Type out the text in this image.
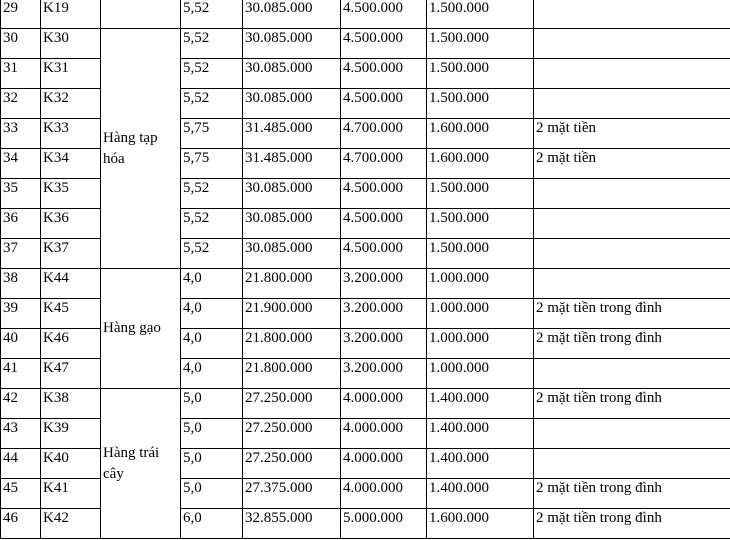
29	K19		5,52	30.085.000	4.500.000	1.500.000	
30	K30	Hàng tạp hóa	5,52	30.085.000	4.500.000	1.500.000	
31	K31		5,52	30.085.000	4.500.000	1.500.000	
32	K32		5,52	30.085.000	4.500.000	1.500.000	
33	K33		5,75	31.485.000	4.700.000	1.600.000	2 mặt tiền
34	K34		5,75	31.485.000	4.700.000	1.600.000	2 mặt tiền
35	K35		5,52	30.085.000	4.500.000	1.500.000	
36	K36		5,52	30.085.000	4.500.000	1.500.000	
37	K37		5,52	30.085.000	4.500.000	1.500.000	
38	K44	Hàng gạo	4,0	21.800.000	3.200.000	1.000.000	
39	K45		4,0	21.900.000	3.200.000	1.000.000	2 mặt tiền trong đình
40	K46		4,0	21.800.000	3.200.000	1.000.000	2 mặt tiền trong đình
41	K47		4,0	21.800.000	3.200.000	1.000.000	
42	K38	Hàng trái cây	5,0	27.250.000	4.000.000	1.400.000	2 mặt tiền trong đình
43	K39		5,0	27.250.000	4.000.000	1.400.000	
44	K40		5,0	27.250.000	4.000.000	1.400.000	
45	K41		5,0	27.375.000	4.000.000	1.400.000	2 mặt tiền trong đình
46	K42		6,0	32.855.000	5.000.000	1.600.000	2 mặt tiền trong đình
